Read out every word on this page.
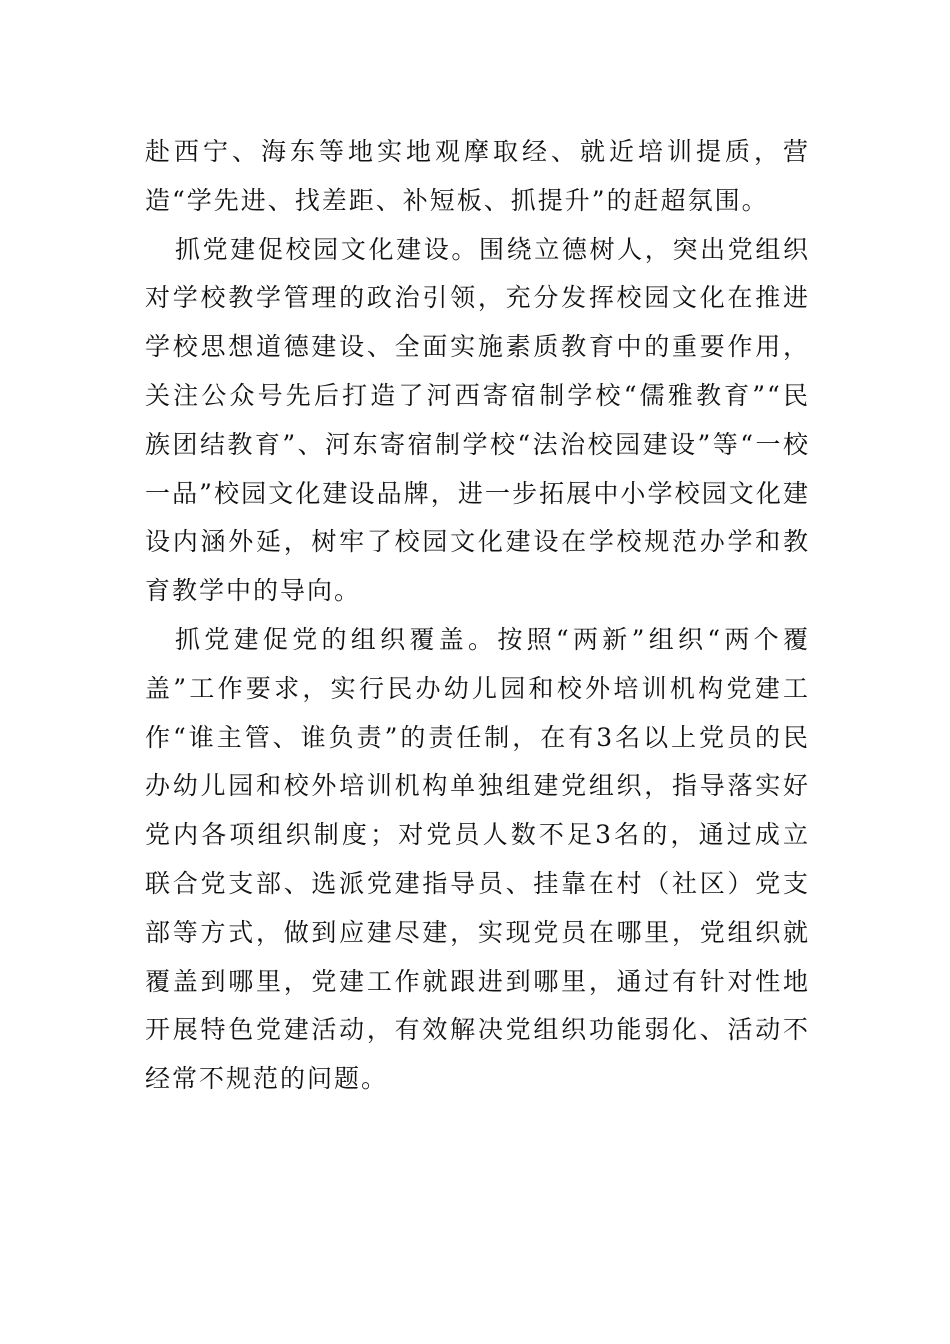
赴西宁、海东等地实地观摩取经、就近培训提质，营造“学先进、找差距、补短板、抓提升”的赶超氛围。

抓党建促校园文化建设。围绕立德树人，突出党组织对学校教学管理的政治引领，充分发挥校园文化在推进学校思想道德建设、全面实施素质教育中的重要作用，关注公众号先后打造了河西寄宿制学校“儒雅教育”“民族团结教育”、河东寄宿制学校“法治校园建设”等“一校一品”校园文化建设品牌，进一步拓展中小学校园文化建设内涵外延，树牢了校园文化建设在学校规范办学和教育教学中的导向。

抓党建促党的组织覆盖。按照“两新”组织“两个覆盖”工作要求，实行民办幼儿园和校外培训机构党建工作“谁主管、谁负责”的责任制，在有3名以上党员的民办幼儿园和校外培训机构单独组建党组织，指导落实好党内各项组织制度；对党员人数不足3名的，通过成立联合党支部、选派党建指导员、挂靠在村（社区）党支部等方式，做到应建尽建，实现党员在哪里，党组织就覆盖到哪里，党建工作就跟进到哪里，通过有针对性地开展特色党建活动，有效解决党组织功能弱化、活动不经常不规范的问题。
